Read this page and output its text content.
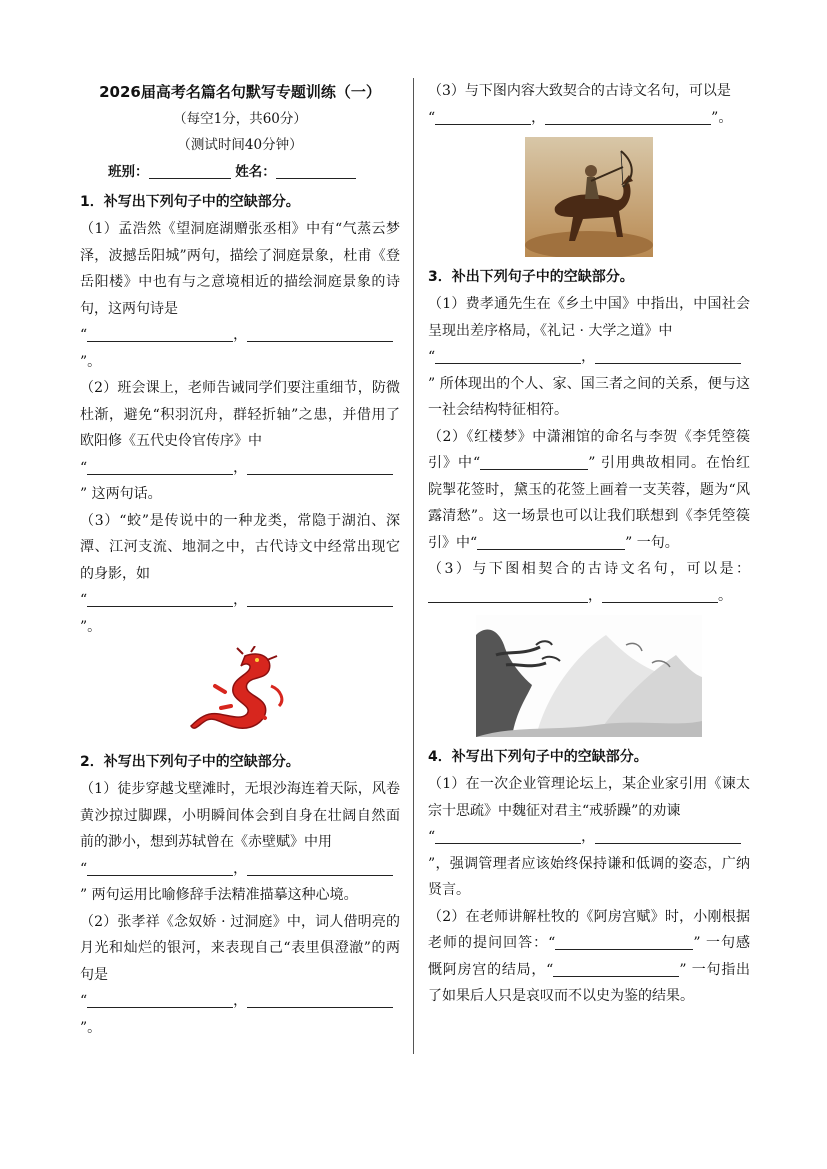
2026届高考名篇名句默写专题训练（一）

（每空1分，共60分）

（测试时间40分钟）

班别：	姓名：
1．补写出下列句子中的空缺部分。

（1）孟浩然《望洞庭湖赠张丞相》中有“气蒸云梦泽，波撼岳阳城”两句，描绘了洞庭景象，杜甫《登岳阳楼》中也有与之意境相近的描绘洞庭景象的诗句，这两句诗是

“	，

”。

（2）班会课上，老师告诫同学们要注重细节，防微杜渐，避免“积羽沉舟，群轻折轴”之患，并借用了欧阳修《五代史伶官传序》中

“	，

” 这两句话。

（3）“蛟”是传说中的一种龙类，常隐于湖泊、深潭、江河支流、地洞之中，古代诗文中经常出现它的身影，如

“	，

”。

2．补写出下列句子中的空缺部分。

（1）徒步穿越戈壁滩时，无垠沙海连着天际，风卷黄沙掠过脚踝，小明瞬间体会到自身在壮阔自然面前的渺小，想到苏轼曾在《赤壁赋》中用

“	，

” 两句运用比喻修辞手法精准描摹这种心境。

（2）张孝祥《念奴娇 · 过洞庭》中，词人借明亮的月光和灿烂的银河，来表现自己“表里俱澄澈”的两句是

“	，

”。

（3）与下图内容大致契合的古诗文名句，可以是

“	，	”。
3．补出下列句子中的空缺部分。

（1）费孝通先生在《乡土中国》中指出，中国社会呈现出差序格局，《礼记 · 大学之道》中

“	，

” 所体现出的个人、家、国三者之间的关系，便与这一社会结构特征相符。

（2）《红楼梦》中潇湘馆的命名与李贺《李凭箜篌引》中“	” 引用典故相同。在怡红院掣花签时，黛玉的花签上画着一支芙蓉，题为“风露清愁”。这一场景也可以让我们联想到《李凭箜篌引》中“	” 一句。

（3）与下图相契合的古诗文名句，可以是：，	。

4．补写出下列句子中的空缺部分。

（1）在一次企业管理论坛上，某企业家引用《谏太宗十思疏》中魏征对君主“戒骄躁”的劝谏

“	，

”，强调管理者应该始终保持谦和低调的姿态，广纳贤言。

（2）在老师讲解杜牧的《阿房宫赋》时，小刚根据老师的提问回答：“	” 一句感慨阿房宫的结局，“	” 一句指出了如果后人只是哀叹而不以史为鉴的结果。
